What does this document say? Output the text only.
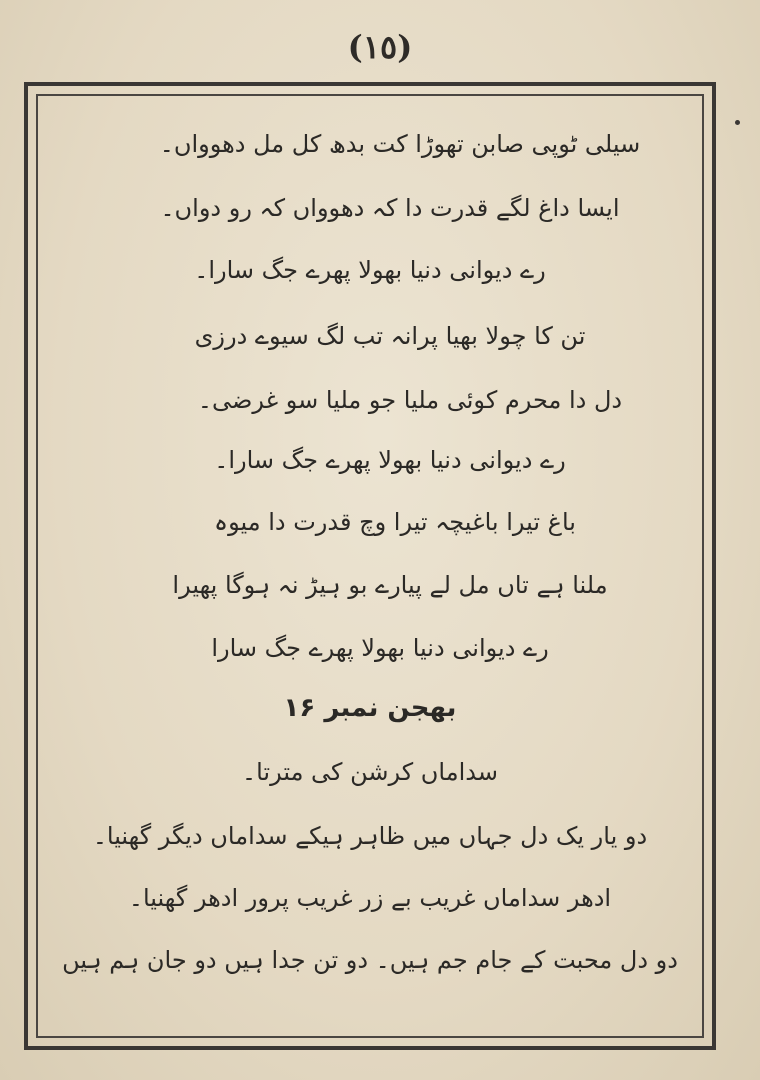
(١٥)
سیلی ٹوپی صابن تھوڑا کت بدھ کل مل دھوواں۔
ایسا داغ لگے قدرت دا کہ دھوواں کہ رو دواں۔
رے دیوانی دنیا بھولا پھرے جگ سارا۔
تن کا چولا بھیا پرانہ تب لگ سیوے درزی
دل دا محرم کوئی ملیا جو ملیا سو غرضی۔
رے دیوانی دنیا بھولا پھرے جگ سارا۔
باغ تیرا باغیچہ تیرا وچ قدرت دا میوہ
ملنا ہے تاں مل لے پیارے بو ہیڑ نہ ہوگا پھیرا
رے دیوانی دنیا بھولا پھرے جگ سارا
بھجن نمبر ۱۶
سداماں کرشن کی مترتا۔
دو یار یک دل جہاں میں ظاہر ہیکے سداماں دیگر گھنیا۔
ادھر سداماں غریب بے زر غریب پرور ادھر گھنیا۔
دو دل محبت کے جام جم ہیں۔ دو تن جدا ہیں دو جان ہم ہیں
